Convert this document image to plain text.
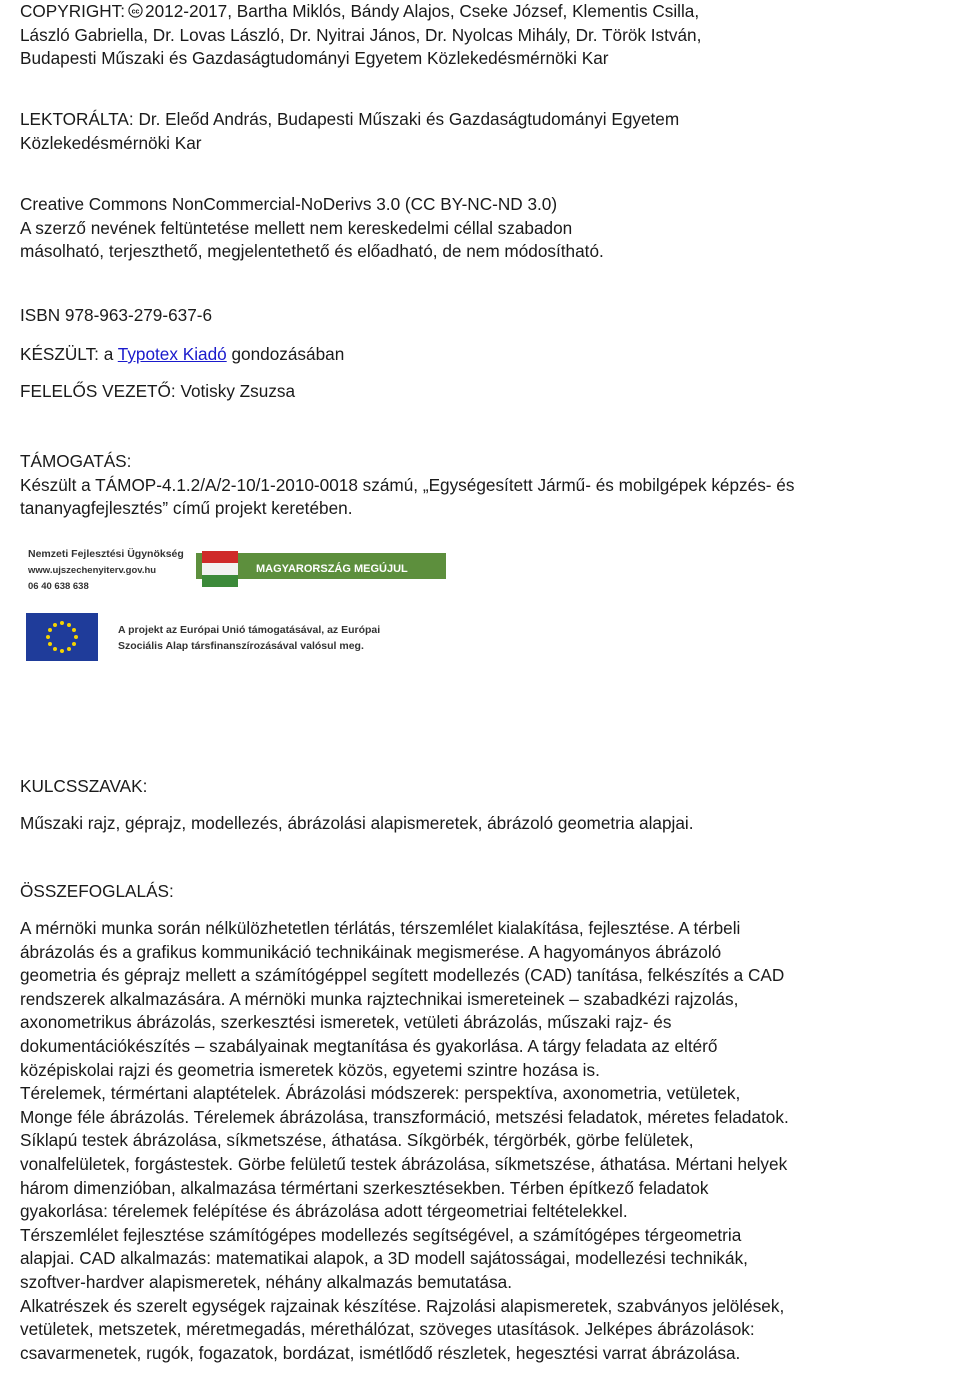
COPYRIGHT: cc 2012-2017, Bartha Miklós, Bándy Alajos, Cseke József, Klementis Csilla,

László Gabriella, Dr. Lovas László, Dr. Nyitrai János, Dr. Nyolcas Mihály, Dr. Török István,

Budapesti Műszaki és Gazdaságtudományi Egyetem Közlekedésmérnöki Kar

LEKTORÁLTA: Dr. Eleőd András, Budapesti Műszaki és Gazdaságtudományi Egyetem

Közlekedésmérnöki Kar

Creative Commons NonCommercial-NoDerivs 3.0 (CC BY-NC-ND 3.0)

A szerző nevének feltüntetése mellett nem kereskedelmi céllal szabadon

másolható, terjeszthető, megjelentethető és előadható, de nem módosítható.

ISBN 978-963-279-637-6

KÉSZÜLT: a Typotex Kiadó gondozásában

FELELŐS VEZETŐ: Votisky Zsuzsa

TÁMOGATÁS:

Készült a TÁMOP-4.1.2/A/2-10/1-2010-0018 számú, „Egységesített Jármű- és mobilgépek képzés- és

tananyagfejlesztés” című projekt keretében.

Nemzeti Fejlesztési Ügynökség
www.ujszechenyiterv.gov.hu
06 40 638 638
MAGYARORSZÁG MEGÚJUL
A projekt az Európai Unió támogatásával, az Európai
Szociális Alap társfinanszírozásával valósul meg.

KULCSSZAVAK:

Műszaki rajz, géprajz, modellezés, ábrázolási alapismeretek, ábrázoló geometria alapjai.

ÖSSZEFOGLALÁS:

A mérnöki munka során nélkülözhetetlen térlátás, térszemlélet kialakítása, fejlesztése. A térbeli

ábrázolás és a grafikus kommunikáció technikáinak megismerése. A hagyományos ábrázoló

geometria és géprajz mellett a számítógéppel segített modellezés (CAD) tanítása, felkészítés a CAD

rendszerek alkalmazására. A mérnöki munka rajztechnikai ismereteinek – szabadkézi rajzolás,

axonometrikus ábrázolás, szerkesztési ismeretek, vetületi ábrázolás, műszaki rajz- és

dokumentációkészítés – szabályainak megtanítása és gyakorlása. A tárgy feladata az eltérő

középiskolai rajzi és geometria ismeretek közös, egyetemi szintre hozása is.

Térelemek, térmértani alaptételek. Ábrázolási módszerek: perspektíva, axonometria, vetületek,

Monge féle ábrázolás. Térelemek ábrázolása, transzformáció, metszési feladatok, méretes feladatok.

Síklapú testek ábrázolása, síkmetszése, áthatása. Síkgörbék, térgörbék, görbe felületek,

vonalfelületek, forgástestek. Görbe felületű testek ábrázolása, síkmetszése, áthatása. Mértani helyek

három dimenzióban, alkalmazása térmértani szerkesztésekben. Térben építkező feladatok

gyakorlása: térelemek felépítése és ábrázolása adott térgeometriai feltételekkel.

Térszemlélet fejlesztése számítógépes modellezés segítségével, a számítógépes térgeometria

alapjai. CAD alkalmazás: matematikai alapok, a 3D modell sajátosságai, modellezési technikák,

szoftver-hardver alapismeretek, néhány alkalmazás bemutatása.

Alkatrészek és szerelt egységek rajzainak készítése. Rajzolási alapismeretek, szabványos jelölések,

vetületek, metszetek, méretmegadás, mérethálózat, szöveges utasítások. Jelképes ábrázolások:

csavarmenetek, rugók, fogazatok, bordázat, ismétlődő részletek, hegesztési varrat ábrázolása.
